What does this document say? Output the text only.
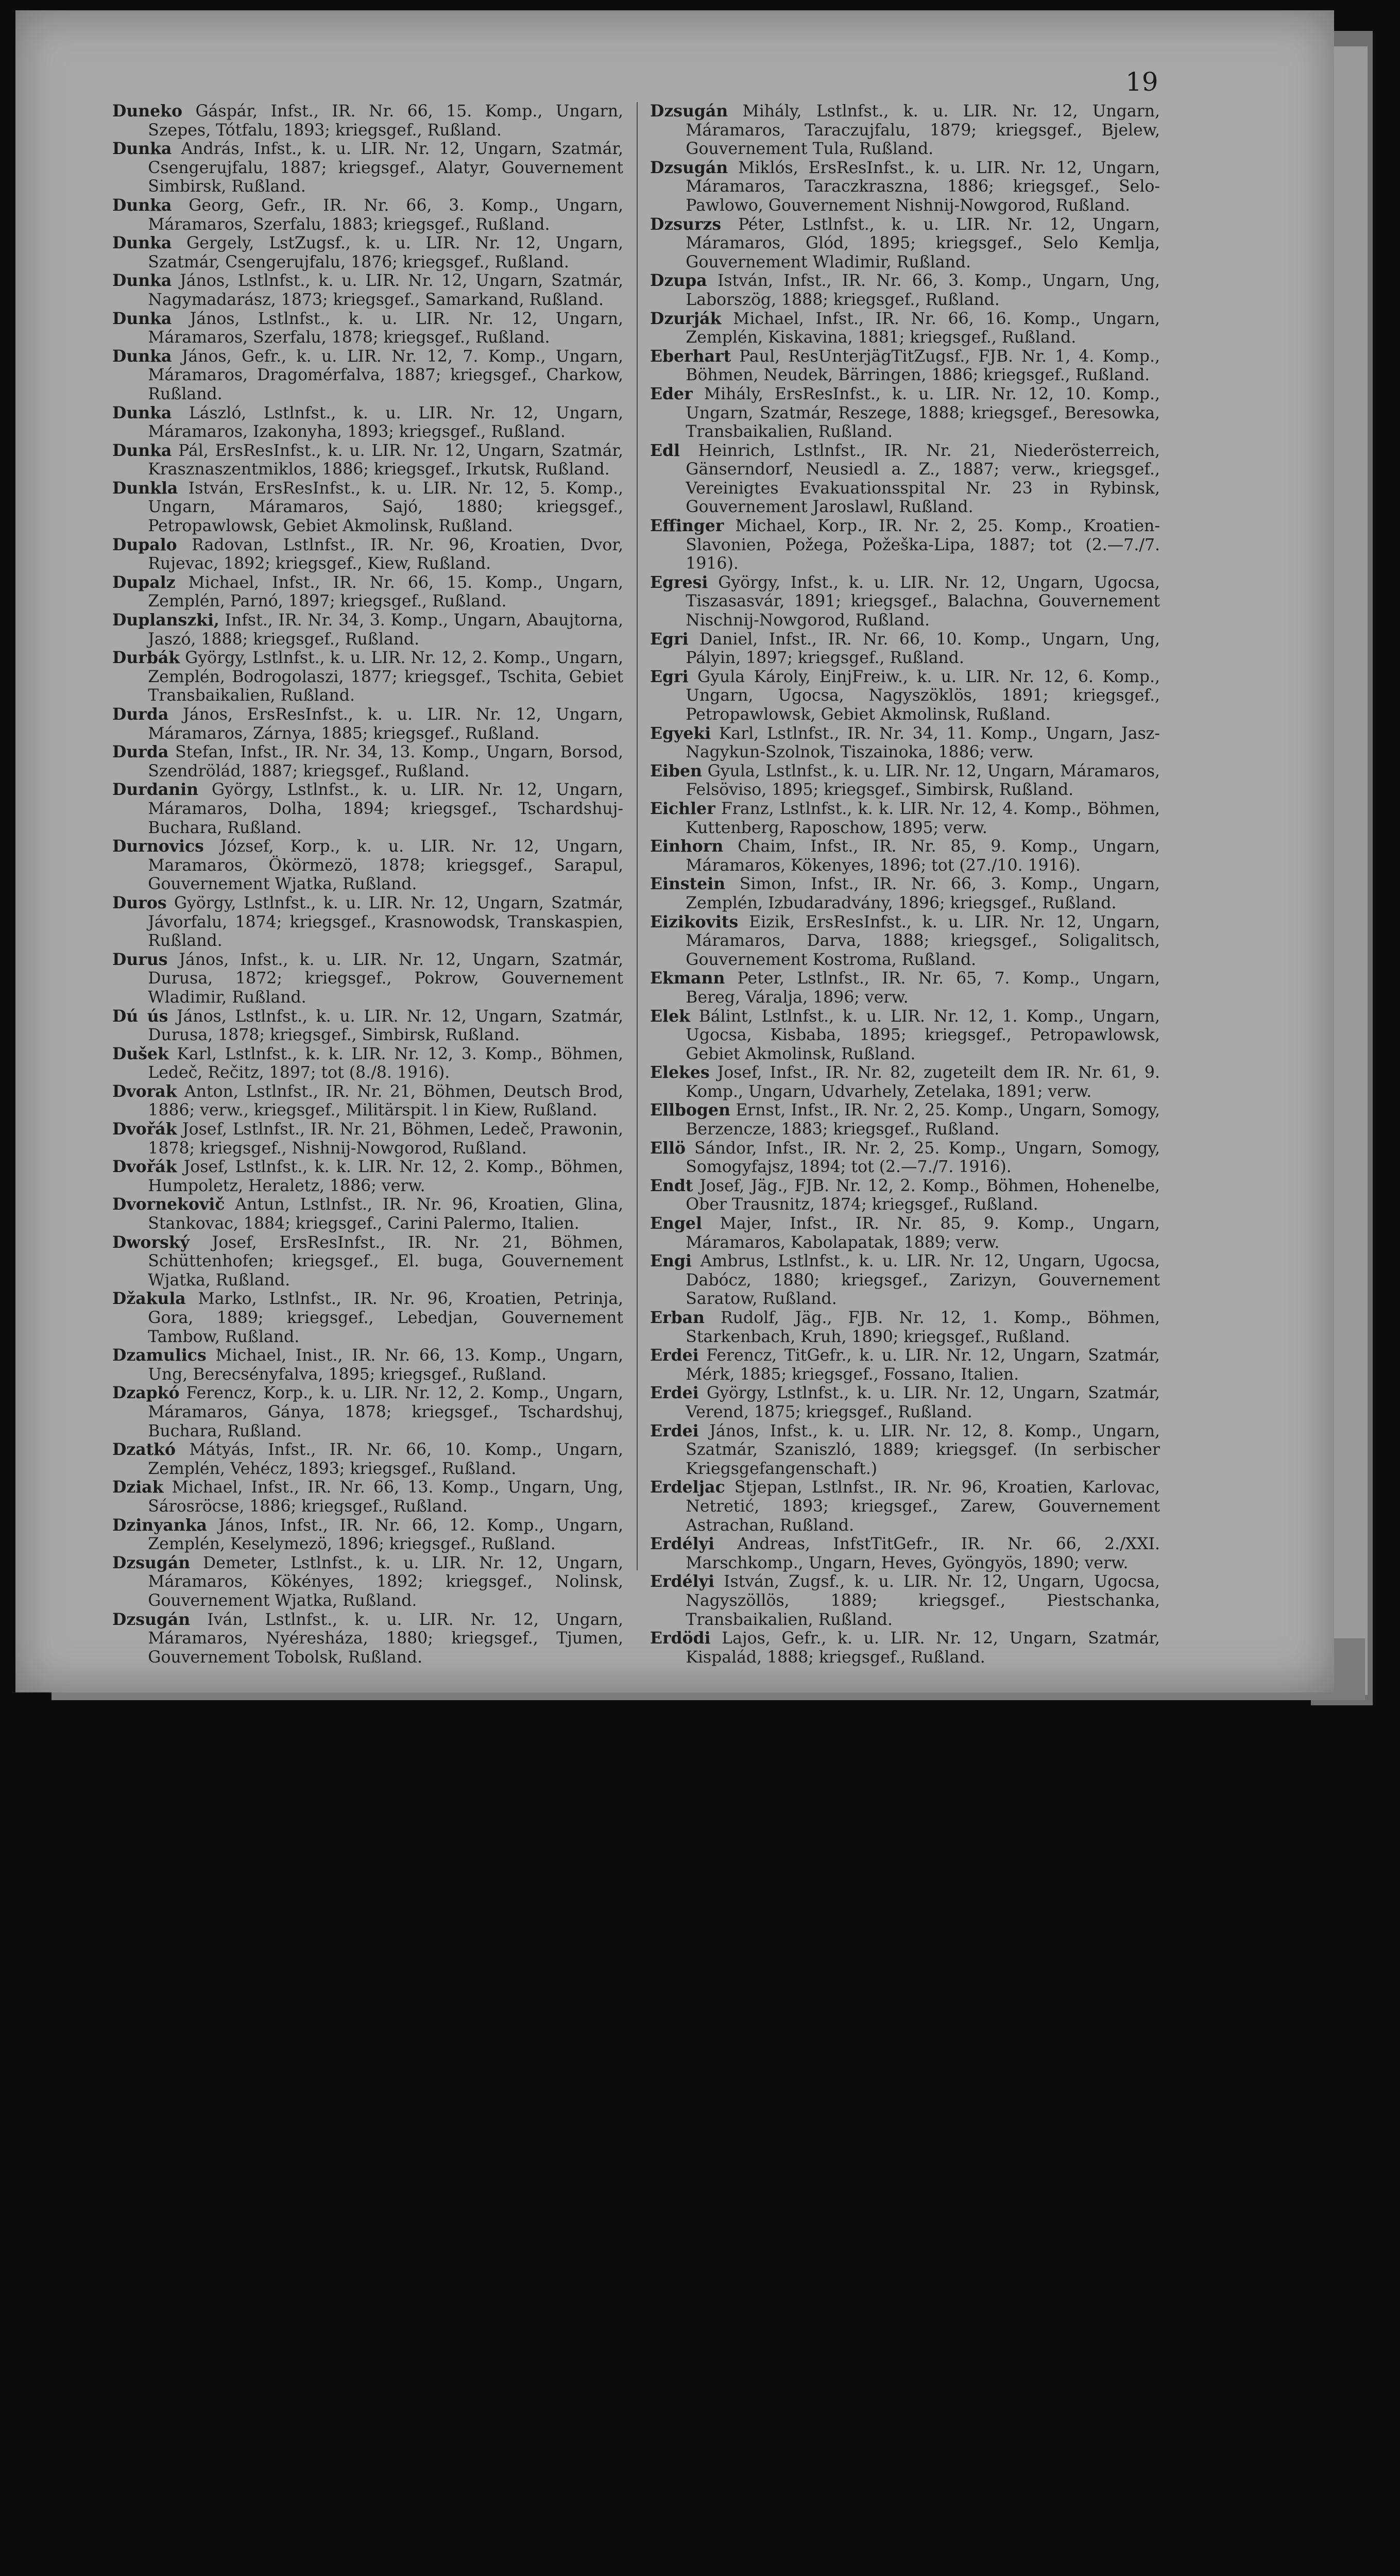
19
Duneko Gáspár, Infst., IR. Nr. 66, 15. Komp., Ungarn, Szepes, Tótfalu, 1893; kriegsgef., Rußland.
Dunka András, Infst., k. u. LIR. Nr. 12, Ungarn, Szatmár, Csengerujfalu, 1887; kriegsgef., Alatyr, Gouvernement Simbirsk, Rußland.
Dunka Georg, Gefr., IR. Nr. 66, 3. Komp., Ungarn, Máramaros, Szerfalu, 1883; kriegsgef., Rußland.
Dunka Gergely, LstZugsf., k. u. LIR. Nr. 12, Ungarn, Szatmár, Csengerujfalu, 1876; kriegsgef., Rußland.
Dunka János, Lstlnfst., k. u. LIR. Nr. 12, Ungarn, Szatmár, Nagymadarász, 1873; kriegsgef., Samarkand, Rußland.
Dunka János, Lstlnfst., k. u. LIR. Nr. 12, Ungarn, Máramaros, Szerfalu, 1878; kriegsgef., Rußland.
Dunka János, Gefr., k. u. LIR. Nr. 12, 7. Komp., Ungarn, Máramaros, Dragomérfalva, 1887; kriegsgef., Charkow, Rußland.
Dunka László, Lstlnfst., k. u. LIR. Nr. 12, Ungarn, Máramaros, Izakonyha, 1893; kriegsgef., Rußland.
Dunka Pál, ErsResInfst., k. u. LIR. Nr. 12, Ungarn, Szatmár, Krasznaszentmiklos, 1886; kriegsgef., Irkutsk, Rußland.
Dunkla István, ErsResInfst., k. u. LIR. Nr. 12, 5. Komp., Ungarn, Máramaros, Sajó, 1880; kriegsgef., Petropawlowsk, Gebiet Akmolinsk, Rußland.
Dupalo Radovan, Lstlnfst., IR. Nr. 96, Kroatien, Dvor, Rujevac, 1892; kriegsgef., Kiew, Rußland.
Dupalz Michael, Infst., IR. Nr. 66, 15. Komp., Ungarn, Zemplén, Parnó, 1897; kriegsgef., Rußland.
Duplanszki, Infst., IR. Nr. 34, 3. Komp., Ungarn, Abaujtorna, Jaszó, 1888; kriegsgef., Rußland.
Durbák György, Lstlnfst., k. u. LIR. Nr. 12, 2. Komp., Ungarn, Zemplén, Bodrogolaszi, 1877; kriegsgef., Tschita, Gebiet Transbaikalien, Rußland.
Durda János, ErsResInfst., k. u. LIR. Nr. 12, Ungarn, Máramaros, Zárnya, 1885; kriegsgef., Rußland.
Durda Stefan, Infst., IR. Nr. 34, 13. Komp., Ungarn, Borsod, Szendrölád, 1887; kriegsgef., Rußland.
Durdanin György, Lstlnfst., k. u. LIR. Nr. 12, Ungarn, Máramaros, Dolha, 1894; kriegsgef., Tschardshuj-Buchara, Rußland.
Durnovics József, Korp., k. u. LIR. Nr. 12, Ungarn, Maramaros, Ökörmezö, 1878; kriegsgef., Sarapul, Gouvernement Wjatka, Rußland.
Duros György, Lstlnfst., k. u. LIR. Nr. 12, Ungarn, Szatmár, Jávorfalu, 1874; kriegsgef., Krasnowodsk, Transkaspien, Rußland.
Durus János, Infst., k. u. LIR. Nr. 12, Ungarn, Szatmár, Durusa, 1872; kriegsgef., Pokrow, Gouvernement Wladimir, Rußland.
Dú ús János, Lstlnfst., k. u. LIR. Nr. 12, Ungarn, Szatmár, Durusa, 1878; kriegsgef., Simbirsk, Rußland.
Dušek Karl, Lstlnfst., k. k. LIR. Nr. 12, 3. Komp., Böhmen, Ledeč, Rečitz, 1897; tot (8./8. 1916).
Dvorak Anton, Lstlnfst., IR. Nr. 21, Böhmen, Deutsch Brod, 1886; verw., kriegsgef., Militärspit. l in Kiew, Rußland.
Dvořák Josef, Lstlnfst., IR. Nr. 21, Böhmen, Ledeč, Prawonin, 1878; kriegsgef., Nishnij-Nowgorod, Rußland.
Dvořák Josef, Lstlnfst., k. k. LIR. Nr. 12, 2. Komp., Böhmen, Humpoletz, Heraletz, 1886; verw.
Dvornekovič Antun, Lstlnfst., IR. Nr. 96, Kroatien, Glina, Stankovac, 1884; kriegsgef., Carini Palermo, Italien.
Dworský Josef, ErsResInfst., IR. Nr. 21, Böhmen, Schüttenhofen; kriegsgef., El. buga, Gouvernement Wjatka, Rußland.
Džakula Marko, Lstlnfst., IR. Nr. 96, Kroatien, Petrinja, Gora, 1889; kriegsgef., Lebedjan, Gouvernement Tambow, Rußland.
Dzamulics Michael, Inist., IR. Nr. 66, 13. Komp., Ungarn, Ung, Berecsényfalva, 1895; kriegsgef., Rußland.
Dzapkó Ferencz, Korp., k. u. LIR. Nr. 12, 2. Komp., Ungarn, Máramaros, Gánya, 1878; kriegsgef., Tschardshuj, Buchara, Rußland.
Dzatkó Mátyás, Infst., IR. Nr. 66, 10. Komp., Ungarn, Zemplén, Vehécz, 1893; kriegsgef., Rußland.
Dziak Michael, Infst., IR. Nr. 66, 13. Komp., Ungarn, Ung, Sárosröcse, 1886; kriegsgef., Rußland.
Dzinyanka János, Infst., IR. Nr. 66, 12. Komp., Ungarn, Zemplén, Keselymezö, 1896; kriegsgef., Rußland.
Dzsugán Demeter, Lstlnfst., k. u. LIR. Nr. 12, Ungarn, Máramaros, Kökényes, 1892; kriegsgef., Nolinsk, Gouvernement Wjatka, Rußland.
Dzsugán Iván, Lstlnfst., k. u. LIR. Nr. 12, Ungarn, Máramaros, Nyéresháza, 1880; kriegsgef., Tjumen, Gouvernement Tobolsk, Rußland.
Dzsugán Mihály, Lstlnfst., k. u. LIR. Nr. 12, Ungarn, Máramaros, Taraczujfalu, 1879; kriegsgef., Bjelew, Gouvernement Tula, Rußland.
Dzsugán Miklós, ErsResInfst., k. u. LIR. Nr. 12, Ungarn, Máramaros, Taraczkraszna, 1886; kriegsgef., Selo-Pawlowo, Gouvernement Nishnij-Nowgorod, Rußland.
Dzsurzs Péter, Lstlnfst., k. u. LIR. Nr. 12, Ungarn, Máramaros, Glód, 1895; kriegsgef., Selo Kemlja, Gouvernement Wladimir, Rußland.
Dzupa István, Infst., IR. Nr. 66, 3. Komp., Ungarn, Ung, Laborszög, 1888; kriegsgef., Rußland.
Dzurják Michael, Infst., IR. Nr. 66, 16. Komp., Ungarn, Zemplén, Kiskavina, 1881; kriegsgef., Rußland.
Eberhart Paul, ResUnterjägTitZugsf., FJB. Nr. 1, 4. Komp., Böhmen, Neudek, Bärringen, 1886; kriegsgef., Rußland.
Eder Mihály, ErsResInfst., k. u. LIR. Nr. 12, 10. Komp., Ungarn, Szatmár, Reszege, 1888; kriegsgef., Beresowka, Transbaikalien, Rußland.
Edl Heinrich, Lstlnfst., IR. Nr. 21, Niederösterreich, Gänserndorf, Neusiedl a. Z., 1887; verw., kriegsgef., Vereinigtes Evakuationsspital Nr. 23 in Rybinsk, Gouvernement Jaroslawl, Rußland.
Effinger Michael, Korp., IR. Nr. 2, 25. Komp., Kroatien-Slavonien, Požega, Požeška-Lipa, 1887; tot (2.—7./7. 1916).
Egresi György, Infst., k. u. LIR. Nr. 12, Ungarn, Ugocsa, Tiszasasvár, 1891; kriegsgef., Balachna, Gouvernement Nischnij-Nowgorod, Rußland.
Egri Daniel, Infst., IR. Nr. 66, 10. Komp., Ungarn, Ung, Pályin, 1897; kriegsgef., Rußland.
Egri Gyula Károly, EinjFreiw., k. u. LIR. Nr. 12, 6. Komp., Ungarn, Ugocsa, Nagyszöklös, 1891; kriegsgef., Petropawlowsk, Gebiet Akmolinsk, Rußland.
Egyeki Karl, Lstlnfst., IR. Nr. 34, 11. Komp., Ungarn, Jasz-Nagykun-Szolnok, Tiszainoka, 1886; verw.
Eiben Gyula, Lstlnfst., k. u. LIR. Nr. 12, Ungarn, Máramaros, Felsöviso, 1895; kriegsgef., Simbirsk, Rußland.
Eichler Franz, Lstlnfst., k. k. LIR. Nr. 12, 4. Komp., Böhmen, Kuttenberg, Raposchow, 1895; verw.
Einhorn Chaim, Infst., IR. Nr. 85, 9. Komp., Ungarn, Máramaros, Kökenyes, 1896; tot (27./10. 1916).
Einstein Simon, Infst., IR. Nr. 66, 3. Komp., Ungarn, Zemplén, Izbudaradvány, 1896; kriegsgef., Rußland.
Eizikovits Eizik, ErsResInfst., k. u. LIR. Nr. 12, Ungarn, Máramaros, Darva, 1888; kriegsgef., Soligalitsch, Gouvernement Kostroma, Rußland.
Ekmann Peter, Lstlnfst., IR. Nr. 65, 7. Komp., Ungarn, Bereg, Váralja, 1896; verw.
Elek Bálint, Lstlnfst., k. u. LIR. Nr. 12, 1. Komp., Ungarn, Ugocsa, Kisbaba, 1895; kriegsgef., Petropawlowsk, Gebiet Akmolinsk, Rußland.
Elekes Josef, Infst., IR. Nr. 82, zugeteilt dem IR. Nr. 61, 9. Komp., Ungarn, Udvarhely, Zetelaka, 1891; verw.
Ellbogen Ernst, Infst., IR. Nr. 2, 25. Komp., Ungarn, Somogy, Berzencze, 1883; kriegsgef., Rußland.
Ellö Sándor, Infst., IR. Nr. 2, 25. Komp., Ungarn, Somogy, Somogyfajsz, 1894; tot (2.—7./7. 1916).
Endt Josef, Jäg., FJB. Nr. 12, 2. Komp., Böhmen, Hohenelbe, Ober Trausnitz, 1874; kriegsgef., Rußland.
Engel Majer, Infst., IR. Nr. 85, 9. Komp., Ungarn, Máramaros, Kabolapatak, 1889; verw.
Engi Ambrus, Lstlnfst., k. u. LIR. Nr. 12, Ungarn, Ugocsa, Dabócz, 1880; kriegsgef., Zarizyn, Gouvernement Saratow, Rußland.
Erban Rudolf, Jäg., FJB. Nr. 12, 1. Komp., Böhmen, Starkenbach, Kruh, 1890; kriegsgef., Rußland.
Erdei Ferencz, TitGefr., k. u. LIR. Nr. 12, Ungarn, Szatmár, Mérk, 1885; kriegsgef., Fossano, Italien.
Erdei György, Lstlnfst., k. u. LIR. Nr. 12, Ungarn, Szatmár, Verend, 1875; kriegsgef., Rußland.
Erdei János, Infst., k. u. LIR. Nr. 12, 8. Komp., Ungarn, Szatmár, Szaniszló, 1889; kriegsgef. (In serbischer Kriegsgefangenschaft.)
Erdeljac Stjepan, Lstlnfst., IR. Nr. 96, Kroatien, Karlovac, Netretić, 1893; kriegsgef., Zarew, Gouvernement Astrachan, Rußland.
Erdélyi Andreas, InfstTitGefr., IR. Nr. 66, 2./XXI. Marschkomp., Ungarn, Heves, Gyöngyös, 1890; verw.
Erdélyi István, Zugsf., k. u. LIR. Nr. 12, Ungarn, Ugocsa, Nagyszöllös, 1889; kriegsgef., Piestschanka, Transbaikalien, Rußland.
Erdödi Lajos, Gefr., k. u. LIR. Nr. 12, Ungarn, Szatmár, Kispalád, 1888; kriegsgef., Rußland.
